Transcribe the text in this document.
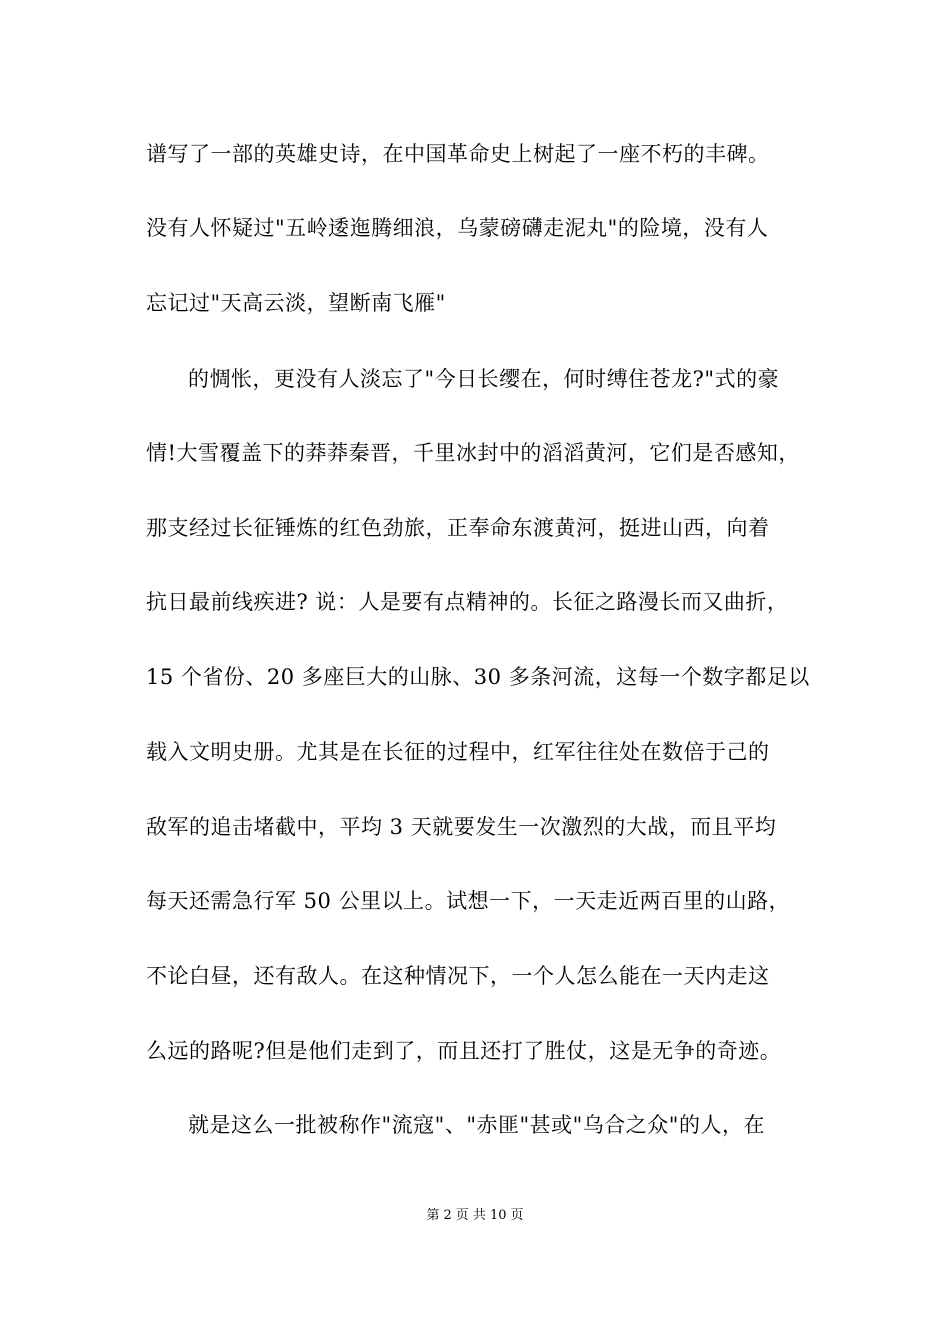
谱写了一部的英雄史诗，在中国革命史上树起了一座不朽的丰碑。
没有人怀疑过"五岭逶迤腾细浪，乌蒙磅礴走泥丸"的险境，没有人
忘记过"天高云淡，望断南飞雁"
的惆怅，更没有人淡忘了"今日长缨在，何时缚住苍龙?"式的豪
情!大雪覆盖下的莽莽秦晋，千里冰封中的滔滔黄河，它们是否感知，
那支经过长征锤炼的红色劲旅，正奉命东渡黄河，挺进山西，向着
抗日最前线疾进? 说：人是要有点精神的。长征之路漫长而又曲折，
15 个省份、20 多座巨大的山脉、30 多条河流，这每一个数字都足以
载入文明史册。尤其是在长征的过程中，红军往往处在数倍于己的
敌军的追击堵截中，平均 3 天就要发生一次激烈的大战，而且平均
每天还需急行军 50 公里以上。试想一下，一天走近两百里的山路，
不论白昼，还有敌人。在这种情况下，一个人怎么能在一天内走这
么远的路呢?但是他们走到了，而且还打了胜仗，这是无争的奇迹。
就是这么一批被称作"流寇"、"赤匪"甚或"乌合之众"的人，在
第 2 页 共 10 页
